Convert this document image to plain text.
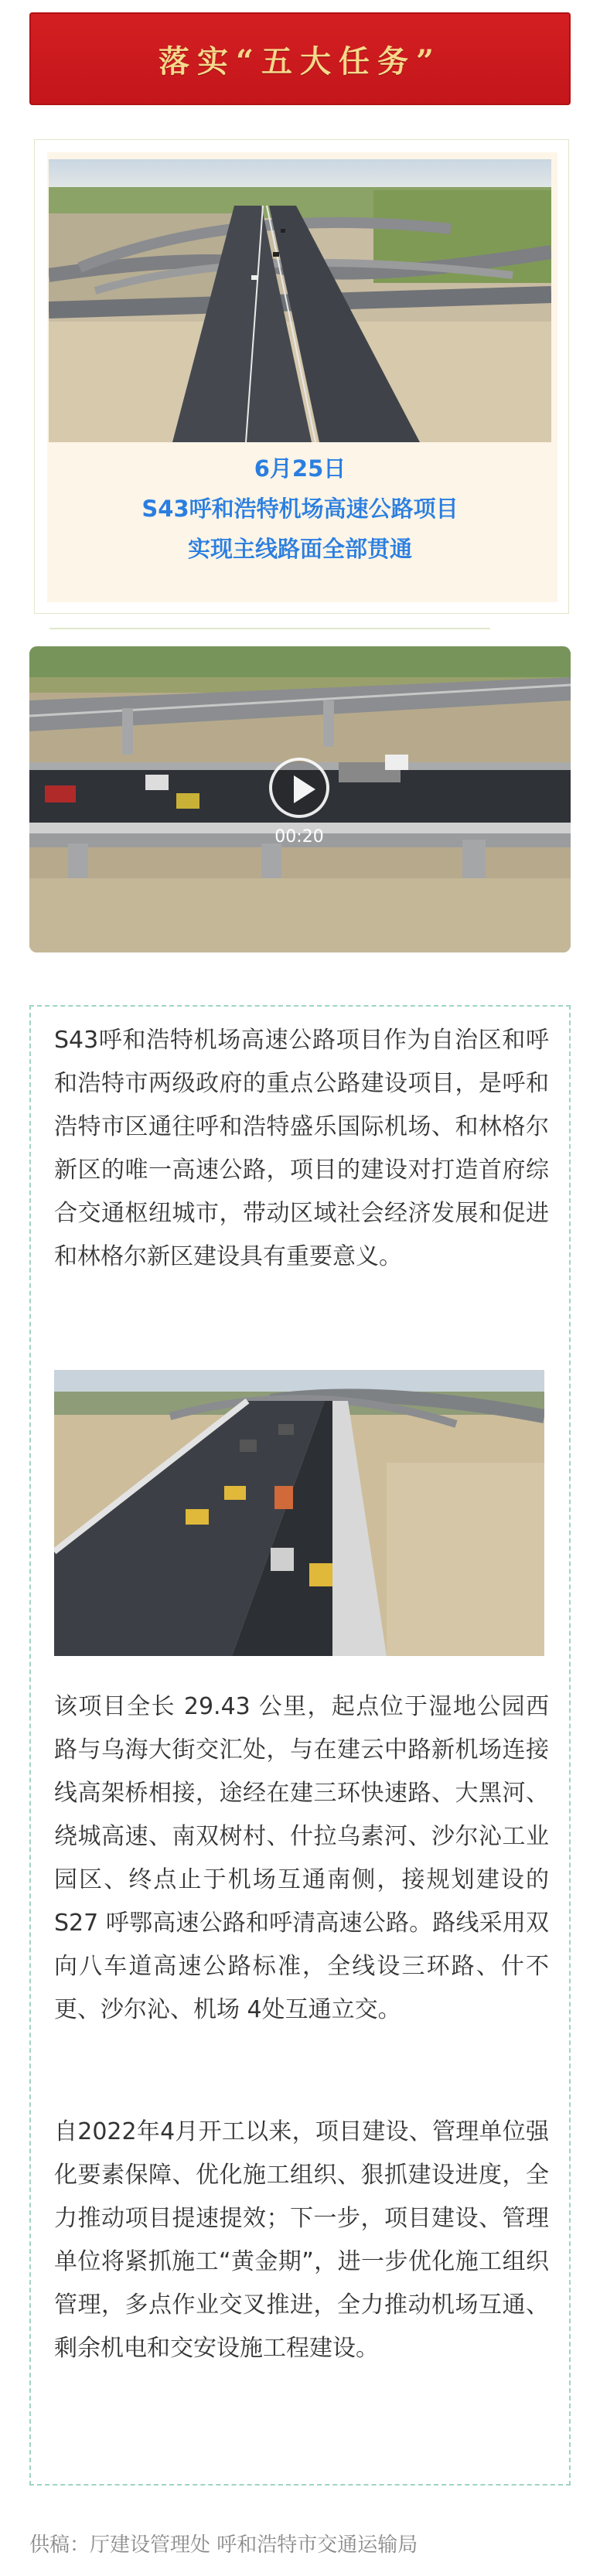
落实“五大任务”
6月25日
S43呼和浩特机场高速公路项目
实现主线路面全部贯通
00:20

S43呼和浩特机场高速公路项目作为自治区和呼和浩特市两级政府的重点公路建设项目，是呼和浩特市区通往呼和浩特盛乐国际机场、和林格尔新区的唯一高速公路，项目的建设对打造首府综合交通枢纽城市，带动区域社会经济发展和促进和林格尔新区建设具有重要意义。

该项目全长 29.43 公里，起点位于湿地公园西路与乌海大街交汇处，与在建云中路新机场连接线高架桥相接，途经在建三环快速路、大黑河、绕城高速、南双树村、什拉乌素河、沙尔沁工业园区、终点止于机场互通南侧，接规划建设的 S27 呼鄂高速公路和呼清高速公路。路线采用双向八车道高速公路标准，全线设三环路、什不更、沙尔沁、机场 4处互通立交。

自2022年4月开工以来，项目建设、管理单位强化要素保障、优化施工组织、狠抓建设进度，全力推动项目提速提效；下一步，项目建设、管理单位将紧抓施工“黄金期”，进一步优化施工组织管理，多点作业交叉推进，全力推动机场互通、剩余机电和交安设施工程建设。

供稿：厅建设管理处 呼和浩特市交通运输局
